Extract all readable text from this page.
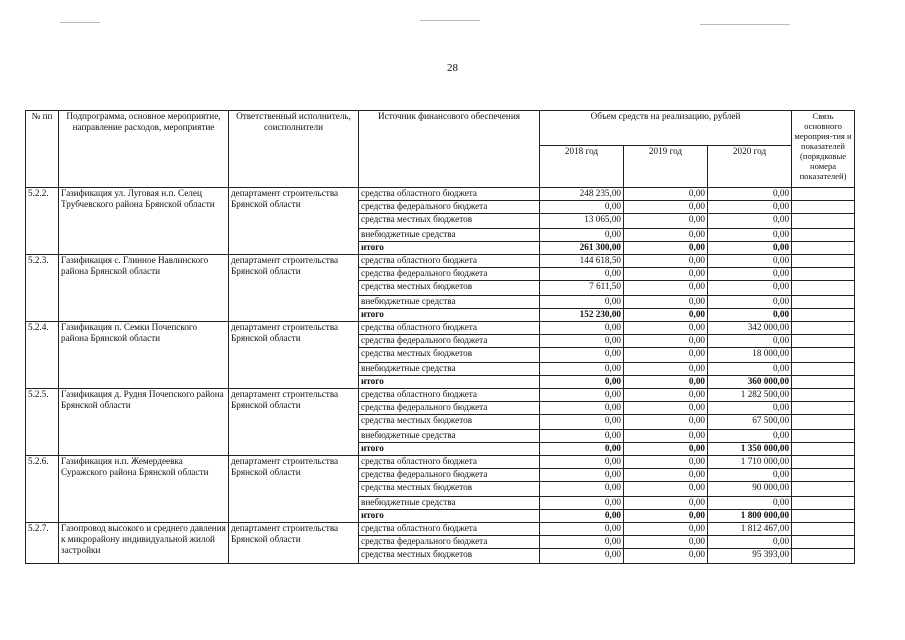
28
№ пп	Подпрограмма, основное мероприятие, направление расходов, мероприятие	Ответственный исполнитель, соисполнители	Источник финансового обеспечения	Объем средств на реализацию, рублей			Связь основного мероприя-тия и показателей (порядковые номера показателей)
				2018 год	2019 год	2020 год	
5.2.2.	Газификация ул. Луговая н.п. Селец Трубчевского района Брянской области	департамент строительства Брянской области	средства областного бюджета	248 235,00	0,00	0,00	
			средства федерального бюджета	0,00	0,00	0,00	
			средства местных бюджетов	13 065,00	0,00	0,00	
			внебюджетные средства	0,00	0,00	0,00	
			итого	261 300,00	0,00	0,00	
5.2.3.	Газификация с. Глинное Навлинского района Брянской области	департамент строительства Брянской области	средства областного бюджета	144 618,50	0,00	0,00	
			средства федерального бюджета	0,00	0,00	0,00	
			средства местных бюджетов	7 611,50	0,00	0,00	
			внебюджетные средства	0,00	0,00	0,00	
			итого	152 230,00	0,00	0,00	
5.2.4.	Газификация п. Семки Почепского района Брянской области	департамент строительства Брянской области	средства областного бюджета	0,00	0,00	342 000,00	
			средства федерального бюджета	0,00	0,00	0,00	
			средства местных бюджетов	0,00	0,00	18 000,00	
			внебюджетные средства	0,00	0,00	0,00	
			итого	0,00	0,00	360 000,00	
5.2.5.	Газификация д. Рудня Почепского района Брянской области	департамент строительства Брянской области	средства областного бюджета	0,00	0,00	1 282 500,00	
			средства федерального бюджета	0,00	0,00	0,00	
			средства местных бюджетов	0,00	0,00	67 500,00	
			внебюджетные средства	0,00	0,00	0,00	
			итого	0,00	0,00	1 350 000,00	
5.2.6.	Газификация н.п. Жемердеевка Суражского района Брянской области	департамент строительства Брянской области	средства областного бюджета	0,00	0,00	1 710 000,00	
			средства федерального бюджета	0,00	0,00	0,00	
			средства местных бюджетов	0,00	0,00	90 000,00	
			внебюджетные средства	0,00	0,00	0,00	
			итого	0,00	0,00	1 800 000,00	
5.2.7.	Газопровод высокого и среднего давления к микрорайону индивидуальной жилой застройки	департамент строительства Брянской области	средства областного бюджета	0,00	0,00	1 812 467,00	
			средства федерального бюджета	0,00	0,00	0,00	
			средства местных бюджетов	0,00	0,00	95 393,00	
